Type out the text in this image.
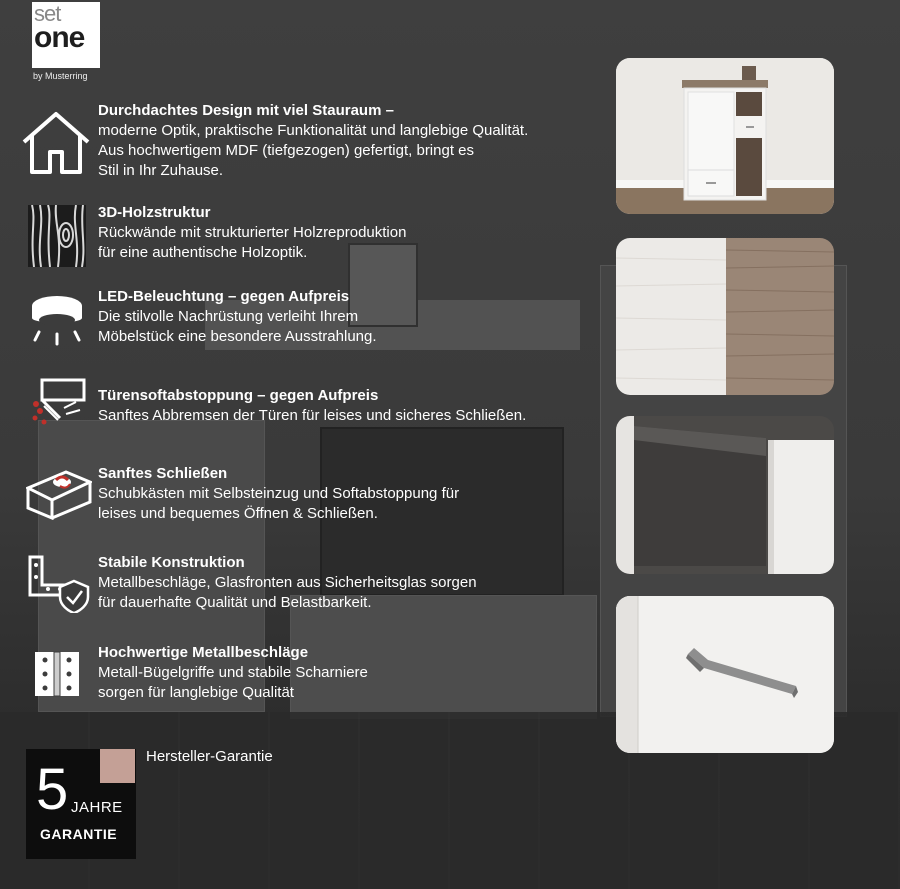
set
one
by Musterring
Durchdachtes Design mit viel Stauraum –
moderne Optik, praktische Funktionalität und langlebige Qualität.
Aus hochwertigem MDF (tiefgezogen) gefertigt, bringt es
Stil in Ihr Zuhause.
3D-Holzstruktur
Rückwände mit strukturierter Holzreproduktion
für eine authentische Holzoptik.
LED-Beleuchtung – gegen Aufpreis
Die stilvolle Nachrüstung verleiht Ihrem
Möbelstück eine besondere Ausstrahlung.
Türensoftabstoppung – gegen Aufpreis
Sanftes Abbremsen der Türen für leises und sicheres Schließen.
Sanftes Schließen
Schubkästen mit Selbsteinzug und Softabstoppung für
leises und bequemes Öffnen & Schließen.
Stabile Konstruktion
Metallbeschläge, Glasfronten aus Sicherheitsglas sorgen
für dauerhafte Qualität und Belastbarkeit.
Hochwertige Metallbeschläge
Metall-Bügelgriffe und stabile Scharniere
sorgen für langlebige Qualität
5 JAHRE
GARANTIE
Hersteller-Garantie
